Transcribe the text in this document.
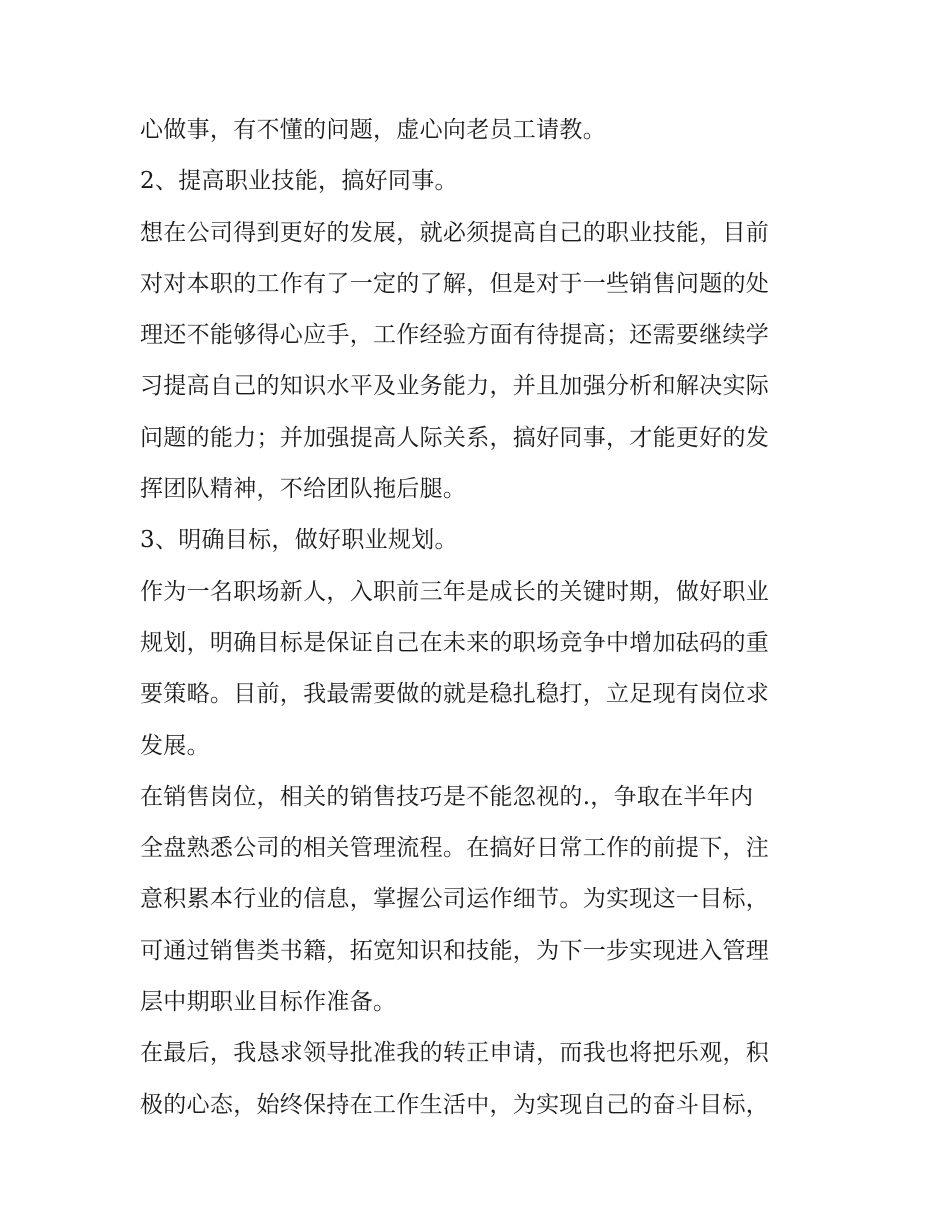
心做事，有不懂的问题，虚心向老员工请教。
2、提高职业技能，搞好同事。
想在公司得到更好的发展，就必须提高自己的职业技能，目前
对对本职的工作有了一定的了解，但是对于一些销售问题的处
理还不能够得心应手，工作经验方面有待提高；还需要继续学
习提高自己的知识水平及业务能力，并且加强分析和解决实际
问题的能力；并加强提高人际关系，搞好同事，才能更好的发
挥团队精神，不给团队拖后腿。
3、明确目标，做好职业规划。
作为一名职场新人，入职前三年是成长的关键时期，做好职业
规划，明确目标是保证自己在未来的职场竞争中增加砝码的重
要策略。目前，我最需要做的就是稳扎稳打，立足现有岗位求
发展。
在销售岗位，相关的销售技巧是不能忽视的.，争取在半年内
全盘熟悉公司的相关管理流程。在搞好日常工作的前提下，注
意积累本行业的信息，掌握公司运作细节。为实现这一目标，
可通过销售类书籍，拓宽知识和技能，为下一步实现进入管理
层中期职业目标作准备。
在最后，我恳求领导批准我的转正申请，而我也将把乐观，积
极的心态，始终保持在工作生活中，为实现自己的奋斗目标，
